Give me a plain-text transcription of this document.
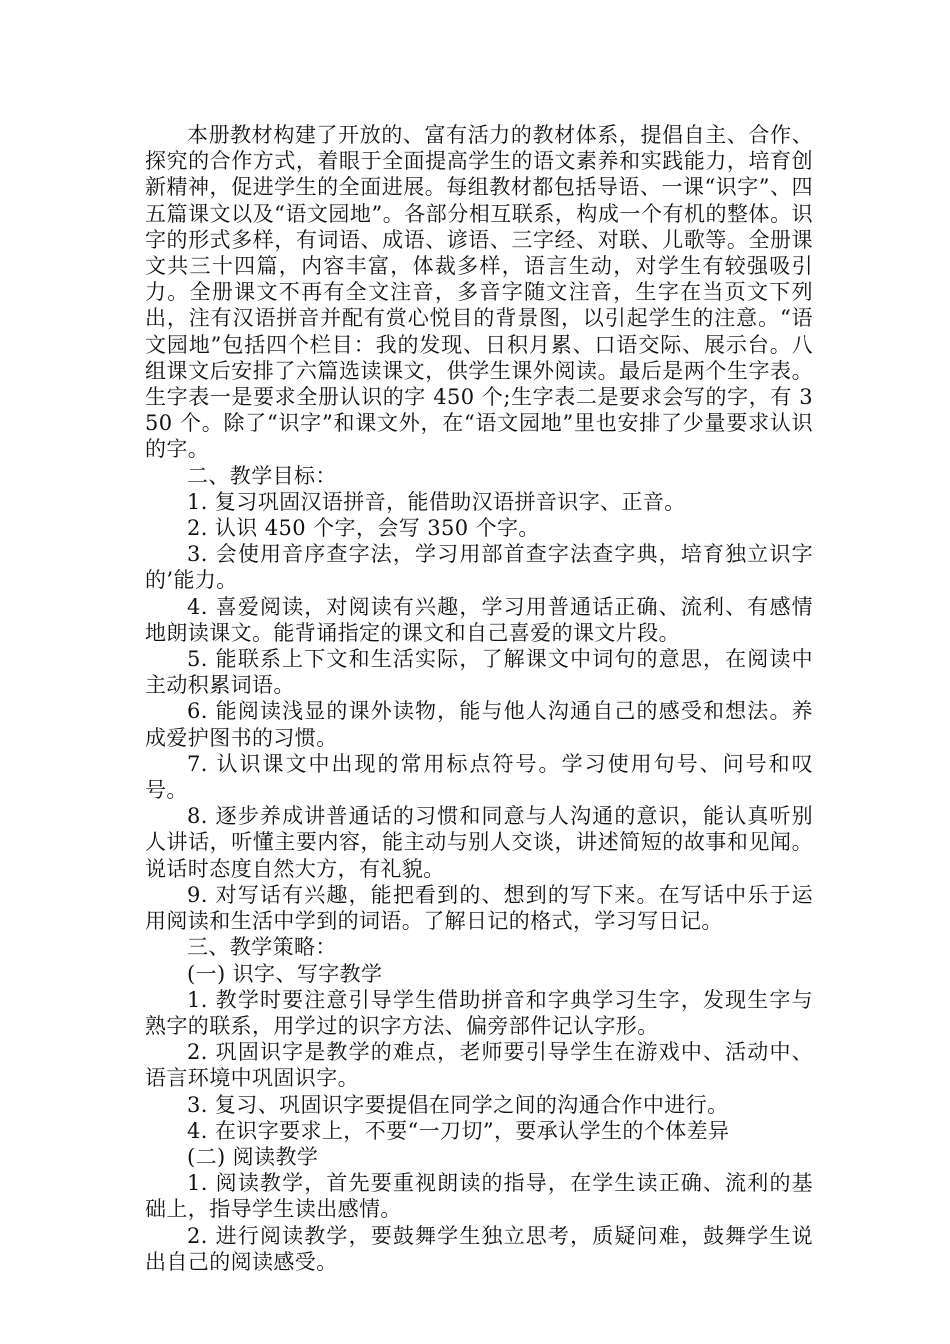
本册教材构建了开放的、富有活力的教材体系，提倡自主、合作、探究的合作方式，着眼于全面提高学生的语文素养和实践能力，培育创新精神，促进学生的全面进展。每组教材都包括导语、一课“识字”、四五篇课文以及“语文园地”。各部分相互联系，构成一个有机的整体。识字的形式多样，有词语、成语、谚语、三字经、对联、儿歌等。全册课文共三十四篇，内容丰富，体裁多样，语言生动，对学生有较强吸引力。全册课文不再有全文注音，多音字随文注音，生字在当页文下列出，注有汉语拼音并配有赏心悦目的背景图，以引起学生的注意。“语文园地”包括四个栏目：我的发现、日积月累、口语交际、展示台。八组课文后安排了六篇选读课文，供学生课外阅读。最后是两个生字表。生字表一是要求全册认识的字 450 个;生字表二是要求会写的字，有 350 个。除了“识字”和课文外，在“语文园地”里也安排了少量要求认识的字。

二、教学目标：

1. 复习巩固汉语拼音，能借助汉语拼音识字、正音。

2. 认识 450 个字，会写 350 个字。

3. 会使用音序查字法，学习用部首查字法查字典，培育独立识字的’能力。

4. 喜爱阅读，对阅读有兴趣，学习用普通话正确、流利、有感情地朗读课文。能背诵指定的课文和自己喜爱的课文片段。

5. 能联系上下文和生活实际，了解课文中词句的意思，在阅读中主动积累词语。

6. 能阅读浅显的课外读物，能与他人沟通自己的感受和想法。养成爱护图书的习惯。

7. 认识课文中出现的常用标点符号。学习使用句号、问号和叹号。

8. 逐步养成讲普通话的习惯和同意与人沟通的意识，能认真听别人讲话，听懂主要内容，能主动与别人交谈，讲述简短的故事和见闻。说话时态度自然大方，有礼貌。

9. 对写话有兴趣，能把看到的、想到的写下来。在写话中乐于运用阅读和生活中学到的词语。了解日记的格式，学习写日记。

三、教学策略：

(一) 识字、写字教学

1. 教学时要注意引导学生借助拼音和字典学习生字，发现生字与熟字的联系，用学过的识字方法、偏旁部件记认字形。

2. 巩固识字是教学的难点，老师要引导学生在游戏中、活动中、语言环境中巩固识字。

3. 复习、巩固识字要提倡在同学之间的沟通合作中进行。

4. 在识字要求上，不要“一刀切”，要承认学生的个体差异

(二) 阅读教学

1. 阅读教学，首先要重视朗读的指导，在学生读正确、流利的基础上，指导学生读出感情。

2. 进行阅读教学，要鼓舞学生独立思考，质疑问难，鼓舞学生说出自己的阅读感受。
